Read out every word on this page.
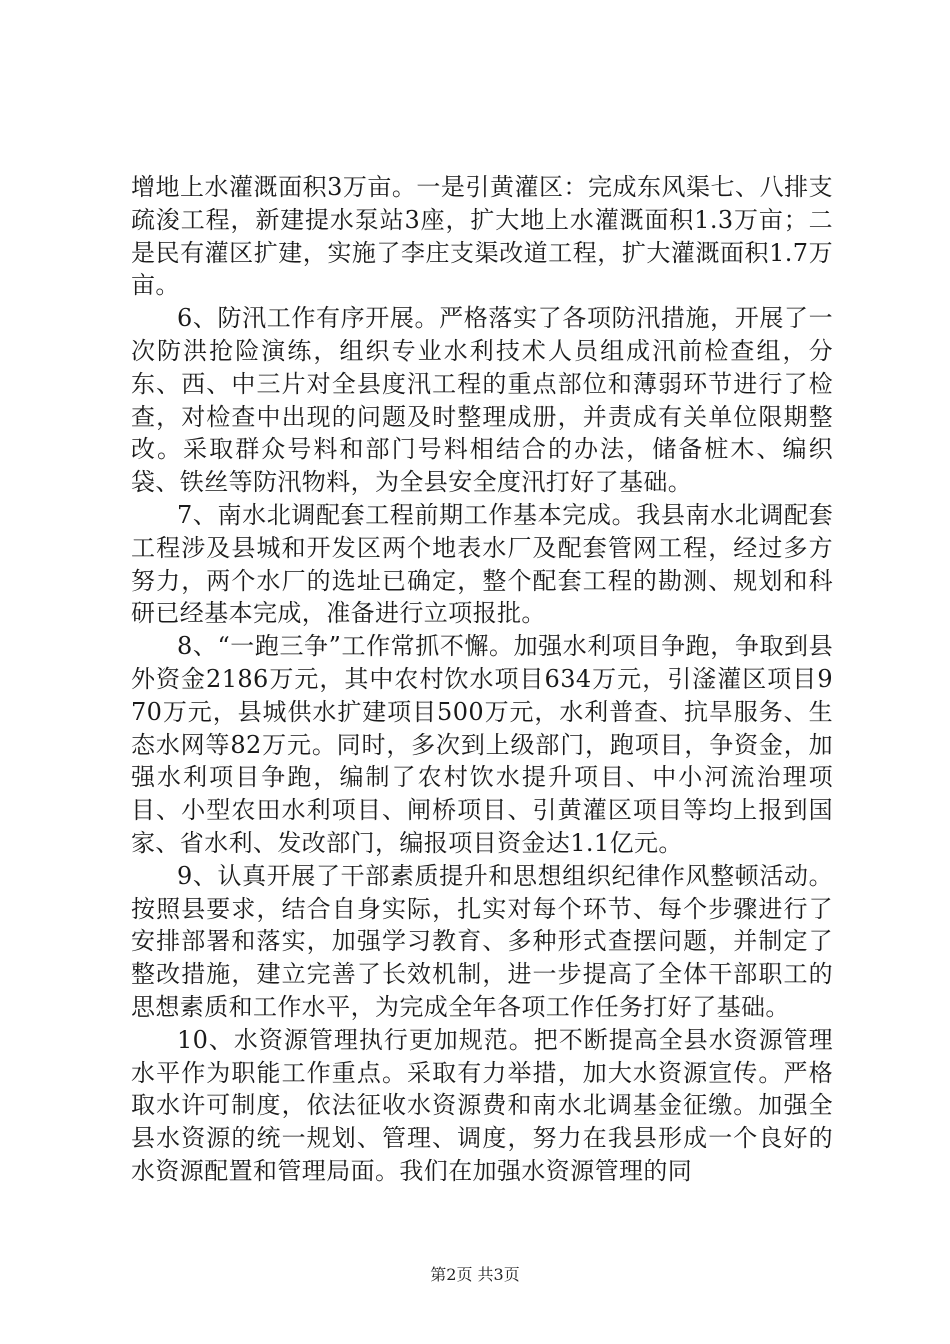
增地上水灌溉面积3万亩。一是引黄灌区：完成东风渠七、八排支疏浚工程，新建提水泵站3座，扩大地上水灌溉面积1.3万亩；二是民有灌区扩建，实施了李庄支渠改道工程，扩大灌溉面积1.7万亩。

6、防汛工作有序开展。严格落实了各项防汛措施，开展了一次防洪抢险演练，组织专业水利技术人员组成汛前检查组，分东、西、中三片对全县度汛工程的重点部位和薄弱环节进行了检查，对检查中出现的问题及时整理成册，并责成有关单位限期整改。采取群众号料和部门号料相结合的办法，储备桩木、编织袋、铁丝等防汛物料，为全县安全度汛打好了基础。

7、南水北调配套工程前期工作基本完成。我县南水北调配套工程涉及县城和开发区两个地表水厂及配套管网工程，经过多方努力，两个水厂的选址已确定，整个配套工程的勘测、规划和科研已经基本完成，准备进行立项报批。

8、“一跑三争”工作常抓不懈。加强水利项目争跑，争取到县外资金2186万元，其中农村饮水项目634万元，引滏灌区项目970万元，县城供水扩建项目500万元，水利普查、抗旱服务、生态水网等82万元。同时，多次到上级部门，跑项目，争资金，加强水利项目争跑，编制了农村饮水提升项目、中小河流治理项目、小型农田水利项目、闸桥项目、引黄灌区项目等均上报到国家、省水利、发改部门，编报项目资金达1.1亿元。

9、认真开展了干部素质提升和思想组织纪律作风整顿活动。按照县要求，结合自身实际，扎实对每个环节、每个步骤进行了安排部署和落实，加强学习教育、多种形式查摆问题，并制定了整改措施，建立完善了长效机制，进一步提高了全体干部职工的思想素质和工作水平，为完成全年各项工作任务打好了基础。

10、水资源管理执行更加规范。把不断提高全县水资源管理水平作为职能工作重点。采取有力举措，加大水资源宣传。严格取水许可制度，依法征收水资源费和南水北调基金征缴。加强全县水资源的统一规划、管理、调度，努力在我县形成一个良好的水资源配置和管理局面。我们在加强水资源管理的同

第2页 共3页
